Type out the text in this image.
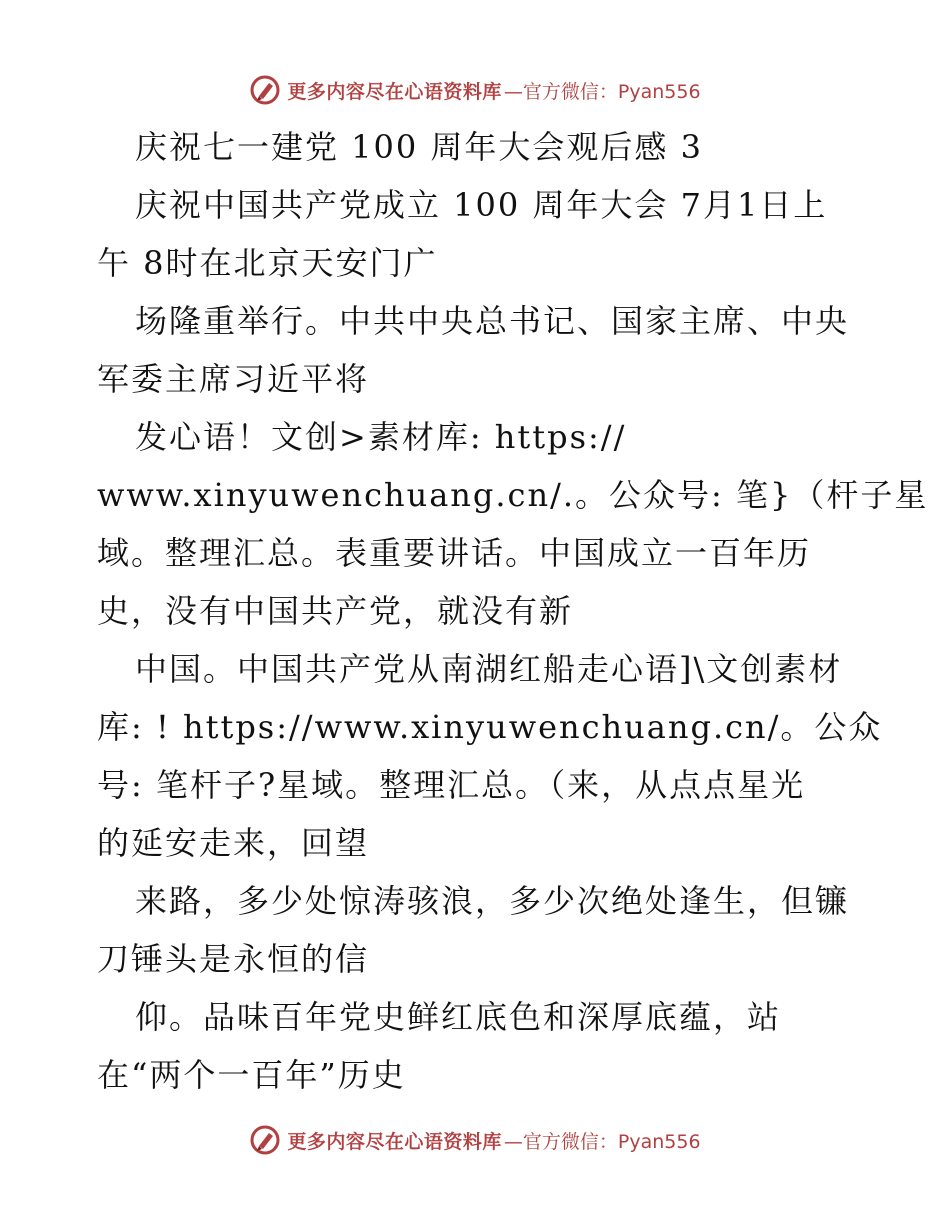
更多内容尽在心语资料库 —官方微信：Pyan556
庆祝七一建党 100 周年大会观后感 3
庆祝中国共产党成立 100 周年大会 7月1日上
午 8时在北京天安门广
场隆重举行。中共中央总书记、国家主席、中央
军委主席习近平将
发心语！文创>素材库: https://
www.xinyuwenchuang.cn/.。公众号: 笔}（杆子星
域。整理汇总。表重要讲话。中国成立一百年历
史，没有中国共产党，就没有新
中国。中国共产党从南湖红船走心语]\文创素材
库: ! https://www.xinyuwenchuang.cn/。公众
号: 笔杆子?星域。整理汇总。（来，从点点星光
的延安走来，回望
来路，多少处惊涛骇浪，多少次绝处逢生，但镰
刀锤头是永恒的信
仰。品味百年党史鲜红底色和深厚底蕴，站
在“两个一百年”历史
更多内容尽在心语资料库 —官方微信：Pyan556
